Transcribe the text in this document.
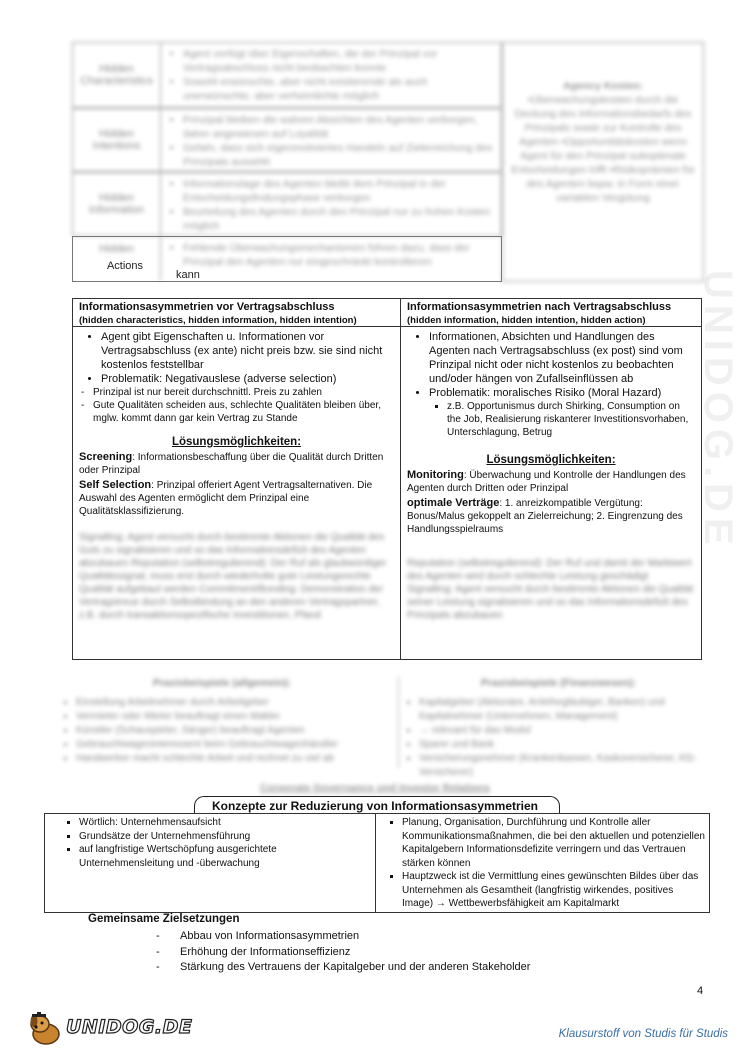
UNIDOG.DE
Hidden Characteristics
• Agent verfügt über Eigenschaften, die der Prinzipal vor Vertragsabschluss nicht beobachten konnte
• Sowohl erwünschte, aber nicht existierende als auch unerwünschte, aber verheimlichte möglich
Hidden Intentions
• Prinzipal bleiben die wahren Absichten des Agenten verborgen, daher angewiesen auf Loyalität
• Gefahr, dass sich eigenmotiviertes Handeln auf Zielerreichung des Prinzipals auswirkt
Hidden Information
• Informationslage des Agenten bleibt dem Prinzipal in der Entscheidungsfindungsphase verborgen
• Beurteilung des Agenten durch den Prinzipal nur zu hohen Kosten möglich
Hidden
•	Fehlende Überwachungsmechanismen führen dazu, dass der Prinzipal den Agenten nur eingeschränkt kontrollieren
Agency Kosten:
•Überwachungskosten durch die Deckung des Informationsbedarfs des Prinzipals sowie zur Kontrolle des Agenten •Opportunitätskosten wenn Agent für den Prinzipal suboptimale Entscheidungen trifft •Risikoprämien für des Agenten bspw. in Form einer variablen Vergütung
Actions
kann
Informationsasymmetrien vor Vertragsabschluss
(hidden characteristics, hidden information, hidden intention)
• Agent gibt Eigenschaften u. Informationen vor Vertragsabschluss (ex ante) nicht preis bzw. sie sind nicht kostenlos feststellbar
• Problematik: Negativauslese (adverse selection)
- Prinzipal ist nur bereit durchschnittl. Preis zu zahlen
- Gute Qualitäten scheiden aus, schlechte Qualitäten bleiben über, mglw. kommt dann gar kein Vertrag zu Stande
Lösungsmöglichkeiten:

Screening: Informationsbeschaffung über die Qualität durch Dritten oder Prinzipal

Self Selection: Prinzipal offeriert Agent Vertragsalternativen. Die Auswahl des Agenten ermöglicht dem Prinzipal eine Qualitätsklassifizierung.

Signalling: Agent versucht durch bestimmte Aktionen die Qualität des Guts zu signalisieren und so das Informationsdefizit des Agenten abzubauen Reputation (selbstregulierend): Der Ruf als glaubwürdiger Qualitätssignal, muss erst durch wiederholte gute Leistungsrechte Qualität aufgebaut werden Commitment/Bonding: Demonstration der Vertragstreue durch Selbstbindung an den anderen Vertragspartner, z.B. durch transaktionsspezifische Investitionen, Pfand
Informationsasymmetrien nach Vertragsabschluss (hidden information, hidden intention, hidden action)
• Informationen, Absichten und Handlungen des Agenten nach Vertragsabschluss (ex post) sind vom Prinzipal nicht oder nicht kostenlos zu beobachten und/oder hängen von Zufallseinflüssen ab
• Problematik: moralisches Risiko (Moral Hazard)
▪ z.B. Opportunismus durch Shirking, Consumption on the Job, Realisierung riskanterer Investitionsvorhaben, Unterschlagung, Betrug
Lösungsmöglichkeiten:

Monitoring: Überwachung und Kontrolle der Handlungen des Agenten durch Dritten oder Prinzipal

optimale Verträge: 1. anreizkompatible Vergütung: Bonus/Malus gekoppelt an Zielerreichung; 2. Eingrenzung des Handlungsspielraums

Reputation (selbstregulierend): Der Ruf und damit der Marktwert des Agenten wird durch schlechte Leistung geschädigt Signalling: Agent versucht durch bestimmte Aktionen die Qualität seiner Leistung signalisieren und so das Informationsdefizit des Prinzipals abzubauen
Praxisbeispiele (allgemein):
• Einstellung Arbeitnehmer durch Arbeitgeber
• Vermieter oder Mieter beauftragt einen Makler
• Künstler (Schauspieler, Sänger) beauftragt Agenten
• Gebrauchtwageninteressent beim Gebrauchtwagenhändler
• Handwerker macht schlechte Arbeit und rechnet zu viel ab
Praxisbeispiele (Finanzwesen):
• Kapitalgeber (Aktionäre, Anleihegläubiger, Banken) und Kapitalnehmer (Unternehmen, Management)
• → relevant für das Modul
• Sparer und Bank
• Versicherungsnehmer (Krankenkassen, Kaskoversicherer, Kfz-Versicherer)
Corporate Governance und Investor Relations
Konzepte zur Reduzierung von Informationsasymmetrien
▪ Wörtlich: Unternehmensaufsicht
▪ Grundsätze der Unternehmensführung
▪ auf langfristige Wertschöpfung ausgerichtete Unternehmensleitung und -überwachung
▪ Planung, Organisation, Durchführung und Kontrolle aller Kommunikationsmaßnahmen, die bei den aktuellen und potenziellen Kapitalgebern Informationsdefizite verringern und das Vertrauen stärken können
▪ Hauptzweck ist die Vermittlung eines gewünschten Bildes über das Unternehmen als Gesamtheit (langfristig wirkendes, positives Image) → Wettbewerbsfähigkeit am Kapitalmarkt
Gemeinsame Zielsetzungen
- Abbau von Informationsasymmetrien
- Erhöhung der Informationseffizienz
- Stärkung des Vertrauens der Kapitalgeber und der anderen Stakeholder
4
UNIDOG.DE	Klausurstoff von Studis für Studis
